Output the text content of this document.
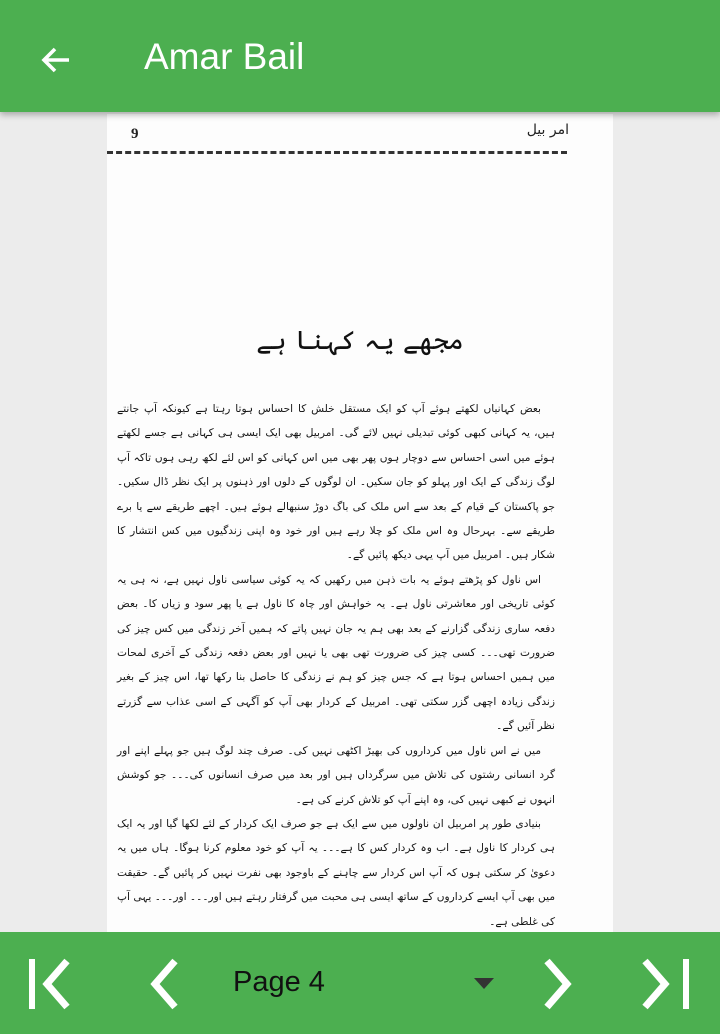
Amar Bail
9	امر بیل
مجھے یہ کہنا ہے

بعض کہانیاں لکھتے ہوئے آپ کو ایک مستقل خلش کا احساس ہوتا رہتا ہے کیونکہ آپ جانتے ہیں، یہ کہانی کبھی کوئی تبدیلی نہیں لائے گی۔ امربیل بھی ایک ایسی ہی کہانی ہے جسے لکھتے ہوئے میں اسی احساس سے دوچار ہوں پھر بھی میں اس کہانی کو اس لئے لکھ رہی ہوں تاکہ آپ لوگ زندگی کے ایک اور پہلو کو جان سکیں۔ ان لوگوں کے دلوں اور ذہنوں پر ایک نظر ڈال سکیں۔ جو پاکستان کے قیام کے بعد سے اس ملک کی باگ دوڑ سنبھالے ہوئے ہیں۔ اچھے طریقے سے یا برے طریقے سے۔ بہرحال وہ اس ملک کو چلا رہے ہیں اور خود وہ اپنی زندگیوں میں کس انتشار کا شکار ہیں۔ امربیل میں آپ یہی دیکھ پائیں گے۔

اس ناول کو پڑھتے ہوئے یہ بات ذہن میں رکھیں کہ یہ کوئی سیاسی ناول نہیں ہے، نہ ہی یہ کوئی تاریخی اور معاشرتی ناول ہے۔ یہ خواہش اور چاہ کا ناول ہے یا پھر سود و زیاں کا۔ بعض دفعہ ساری زندگی گزارنے کے بعد بھی ہم یہ جان نہیں پاتے کہ ہمیں آخر زندگی میں کس چیز کی ضرورت تھی۔۔۔ کسی چیز کی ضرورت تھی بھی یا نہیں اور بعض دفعہ زندگی کے آخری لمحات میں ہمیں احساس ہوتا ہے کہ جس چیز کو ہم نے زندگی کا حاصل بنا رکھا تھا، اس چیز کے بغیر زندگی زیادہ اچھی گزر سکتی تھی۔ امربیل کے کردار بھی آپ کو آگہی کے اسی عذاب سے گزرتے نظر آئیں گے۔

میں نے اس ناول میں کرداروں کی بھیڑ اکٹھی نہیں کی۔ صرف چند لوگ ہیں جو پہلے اپنے اور گرد انسانی رشتوں کی تلاش میں سرگرداں ہیں اور بعد میں صرف انسانوں کی۔۔۔ جو کوشش انہوں نے کبھی نہیں کی، وہ اپنے آپ کو تلاش کرنے کی ہے۔

بنیادی طور پر امربیل ان ناولوں میں سے ایک ہے جو صرف ایک کردار کے لئے لکھا گیا اور یہ ایک ہی کردار کا ناول ہے۔ اب وہ کردار کس کا ہے۔۔۔ یہ آپ کو خود معلوم کرنا ہوگا۔ ہاں میں یہ دعویٰ کر سکتی ہوں کہ آپ اس کردار سے چاہنے کے باوجود بھی نفرت نہیں کر پائیں گے۔ حقیقت میں بھی آپ ایسے کرداروں کے ساتھ ایسی ہی محبت میں گرفتار رہتے ہیں اور۔۔۔ اور۔۔۔ یہی آپ کی غلطی ہے۔

Page 4
